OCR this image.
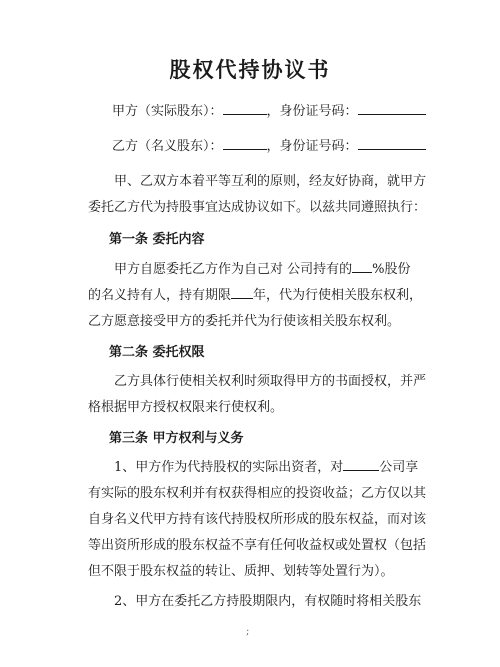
股权代持协议书
甲方（实际股东）：	，身份证号码：
乙方（名义股东）：	，身份证号码：
甲、乙双方本着平等互利的原则，经友好协商，就甲方
委托乙方代为持股事宜达成协议如下。以兹共同遵照执行：
第一条 委托内容
甲方自愿委托乙方作为自己对 公司持有的 %股份
的名义持有人，持有期限 年，代为行使相关股东权利，
乙方愿意接受甲方的委托并代为行使该相关股东权利。
第二条 委托权限
乙方具体行使相关权利时须取得甲方的书面授权，并严
格根据甲方授权权限来行使权利。
第三条 甲方权利与义务
1、甲方作为代持股权的实际出资者，对	公司享
有实际的股东权利并有权获得相应的投资收益；乙方仅以其
自身名义代甲方持有该代持股权所形成的股东权益，而对该
等出资所形成的股东权益不享有任何收益权或处置权（包括
但不限于股东权益的转让、质押、划转等处置行为）。
2、甲方在委托乙方持股期限内，有权随时将相关股东
;
